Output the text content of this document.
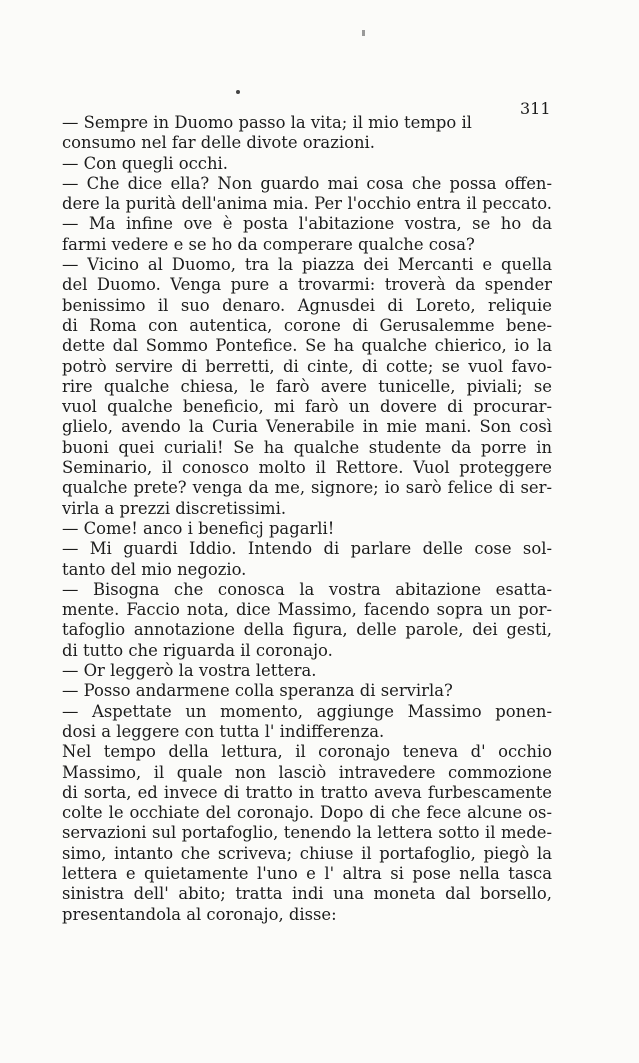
311
— Sempre in Duomo passo la vita; il mio tempo il
consumo nel far delle divote orazioni.
— Con quegli occhi.
— Che dice ella? Non guardo mai cosa che possa offen-
dere la purità dell'anima mia. Per l'occhio entra il peccato.
— Ma infine ove è posta l'abitazione vostra, se ho da
farmi vedere e se ho da comperare qualche cosa?
— Vicino al Duomo, tra la piazza dei Mercanti e quella
del Duomo. Venga pure a trovarmi: troverà da spender
benissimo il suo denaro. Agnusdei di Loreto, reliquie
di Roma con autentica, corone di Gerusalemme bene-
dette dal Sommo Pontefice. Se ha qualche chierico, io la
potrò servire di berretti, di cinte, di cotte; se vuol favo-
rire qualche chiesa, le farò avere tunicelle, piviali; se
vuol qualche beneficio, mi farò un dovere di procurar-
glielo, avendo la Curia Venerabile in mie mani. Son così
buoni quei curiali! Se ha qualche studente da porre in
Seminario, il conosco molto il Rettore. Vuol proteggere
qualche prete? venga da me, signore; io sarò felice di ser-
virla a prezzi discretissimi.
— Come! anco i beneficj pagarli!
— Mi guardi Iddio. Intendo di parlare delle cose sol-
tanto del mio negozio.
— Bisogna che conosca la vostra abitazione esatta-
mente. Faccio nota, dice Massimo, facendo sopra un por-
tafoglio annotazione della figura, delle parole, dei gesti,
di tutto che riguarda il coronajo.
— Or leggerò la vostra lettera.
— Posso andarmene colla speranza di servirla?
— Aspettate un momento, aggiunge Massimo ponen-
dosi a leggere con tutta l' indifferenza.
Nel tempo della lettura, il coronajo teneva d' occhio
Massimo, il quale non lasciò intravedere commozione
di sorta, ed invece di tratto in tratto aveva furbescamente
colte le occhiate del coronajo. Dopo di che fece alcune os-
servazioni sul portafoglio, tenendo la lettera sotto il mede-
simo, intanto che scriveva; chiuse il portafoglio, piegò la
lettera e quietamente l'uno e l' altra si pose nella tasca
sinistra dell' abito; tratta indi una moneta dal borsello,
presentandola al coronajo, disse:
